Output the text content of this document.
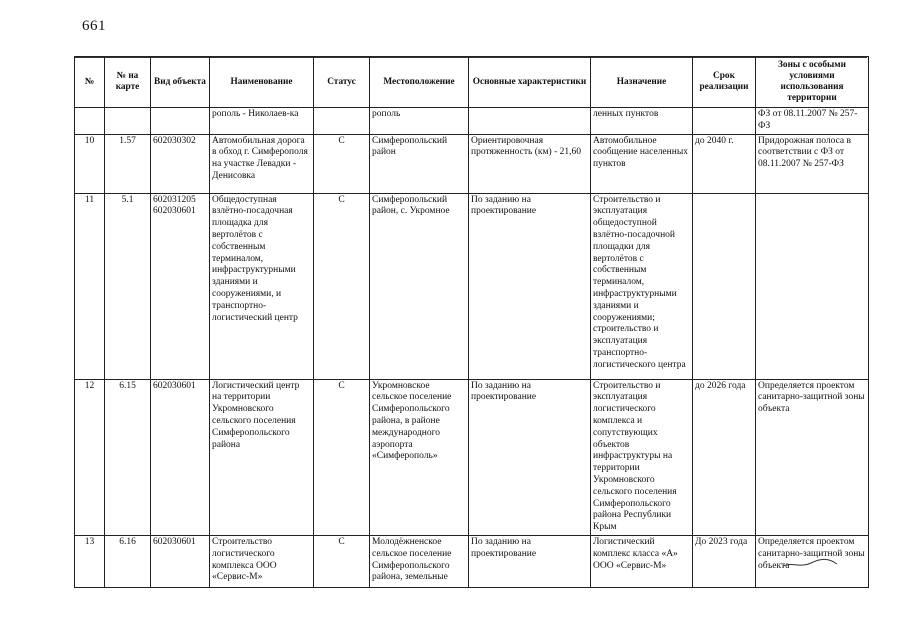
661
№	№ на карте	Вид объекта	Наименование	Статус	Местоположение	Основные характеристики	Назначение	Срок реализации	Зоны с особыми условиями использования территории
			рополь - Николаев-ка		рополь		ленных пунктов		ФЗ от 08.11.2007 № 257-ФЗ
10	1.57	602030302	Автомобильная дорога в обход г. Симферополя на участке Левадки - Денисовка	С	Симферопольский район	Ориентировочная протяженность (км) - 21,60	Автомобильное сообщение населенных пунктов	до 2040 г.	Придорожная полоса в соответствии с ФЗ от 08.11.2007 № 257-ФЗ
11	5.1	602031205 602030601	Общедоступная взлётно-посадочная площадка для вертолётов с собственным терминалом, инфраструктурными зданиями и сооружениями, и транспортно-логистический центр	С	Симферопольский район, с. Укромное	По заданию на проектирование	Строительство и эксплуатация общедоступной взлётно-посадочной площадки для вертолётов с собственным терминалом, инфраструктурными зданиями и сооружениями; строительство и эксплуатация транспортно-логистического центра		
12	6.15	602030601	Логистический центр на территории Укромновского сельского поселения Симферопольского района	С	Укромновское сельское поселение Симферопольского района, в районе международного аэропорта «Симферополь»	По заданию на проектирование	Строительство и эксплуатация логистического комплекса и сопутствующих объектов инфраструктуры на территории Укромновского сельского поселения Симферопольского района Республики Крым	до 2026 года	Определяется проектом санитарно-защитной зоны объекта
13	6.16	602030601	Строительство логистического комплекса ООО «Сервис-М»	С	Молодёжненское сельское поселение Симферопольского района, земельные	По заданию на проектирование	Логистический комплекс класса «А» ООО «Сервис-М»	До 2023 года	Определяется проектом санитарно-защитной зоны объекта
